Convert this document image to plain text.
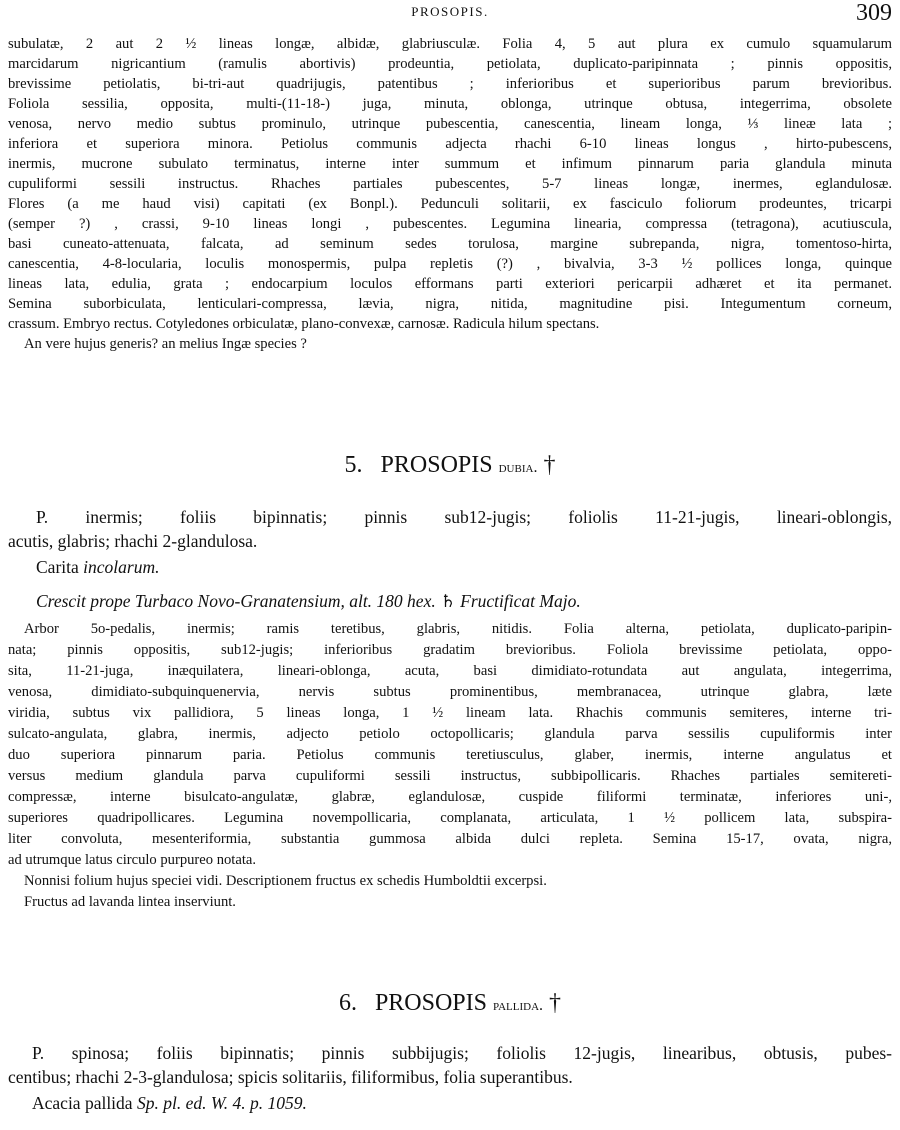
PROSOPIS.	309
subulatæ, 2 aut 2 ½ lineas longæ, albidæ, glabriusculæ. Folia 4, 5 aut plura ex cumulo squamularum
marcidarum nigricantium (ramulis abortivis) prodeuntia, petiolata, duplicato-paripinnata ; pinnis oppositis,
brevissime petiolatis, bi-tri-aut quadrijugis, patentibus ; inferioribus et superioribus parum brevioribus.
Foliola sessilia, opposita, multi-(11-18-) juga, minuta, oblonga, utrinque obtusa, integerrima, obsolete
venosa, nervo medio subtus prominulo, utrinque pubescentia, canescentia, lineam longa, ⅓ lineæ lata ;
inferiora et superiora minora. Petiolus communis adjecta rhachi 6-10 lineas longus , hirto-pubescens,
inermis, mucrone subulato terminatus, interne inter summum et infimum pinnarum paria glandula minuta
cupuliformi sessili instructus. Rhaches partiales pubescentes, 5-7 lineas longæ, inermes, eglandulosæ.
Flores (a me haud visi) capitati (ex Bonpl.). Pedunculi solitarii, ex fasciculo foliorum prodeuntes, tricarpi
(semper ?) , crassi, 9-10 lineas longi , pubescentes. Legumina linearia, compressa (tetragona), acutiuscula,
basi cuneato-attenuata, falcata, ad seminum sedes torulosa, margine subrepanda, nigra, tomentoso-hirta,
canescentia, 4-8-locularia, loculis monospermis, pulpa repletis (?) , bivalvia, 3-3 ½ pollices longa, quinque
lineas lata, edulia, grata ; endocarpium loculos efformans parti exteriori pericarpii adhæret et ita permanet.
Semina suborbiculata, lenticulari-compressa, lævia, nigra, nitida, magnitudine pisi. Integumentum corneum,
crassum. Embryo rectus. Cotyledones orbiculatæ, plano-convexæ, carnosæ. Radicula hilum spectans.
An vere hujus generis? an melius Ingæ species ?
5. PROSOPIS dubia. †
P. inermis; foliis bipinnatis; pinnis sub12-jugis; foliolis 11-21-jugis, lineari-oblongis,
acutis, glabris; rhachi 2-glandulosa.
Carita incolarum.
Crescit prope Turbaco Novo-Granatensium, alt. 180 hex. ♄ Fructificat Majo.
Arbor 5o-pedalis, inermis; ramis teretibus, glabris, nitidis. Folia alterna, petiolata, duplicato-paripin-
nata; pinnis oppositis, sub12-jugis; inferioribus gradatim brevioribus. Foliola brevissime petiolata, oppo-
sita, 11-21-juga, inæquilatera, lineari-oblonga, acuta, basi dimidiato-rotundata aut angulata, integerrima,
venosa, dimidiato-subquinquenervia, nervis subtus prominentibus, membranacea, utrinque glabra, læte
viridia, subtus vix pallidiora, 5 lineas longa, 1 ½ lineam lata. Rhachis communis semiteres, interne tri-
sulcato-angulata, glabra, inermis, adjecto petiolo octopollicaris; glandula parva sessilis cupuliformis inter
duo superiora pinnarum paria. Petiolus communis teretiusculus, glaber, inermis, interne angulatus et
versus medium glandula parva cupuliformi sessili instructus, subbipollicaris. Rhaches partiales semitereti-
compressæ, interne bisulcato-angulatæ, glabræ, eglandulosæ, cuspide filiformi terminatæ, inferiores uni-,
superiores quadripollicares. Legumina novempollicaria, complanata, articulata, 1 ½ pollicem lata, subspira-
liter convoluta, mesenteriformia, substantia gummosa albida dulci repleta. Semina 15-17, ovata, nigra,
ad utrumque latus circulo purpureo notata.
Nonnisi folium hujus speciei vidi. Descriptionem fructus ex schedis Humboldtii excerpsi.
Fructus ad lavanda lintea inserviunt.
6. PROSOPIS pallida. †
P. spinosa; foliis bipinnatis; pinnis subbijugis; foliolis 12-jugis, linearibus, obtusis, pubes-
centibus; rhachi 2-3-glandulosa; spicis solitariis, filiformibus, folia superantibus.
Acacia pallida Sp. pl. ed. W. 4. p. 1059.
